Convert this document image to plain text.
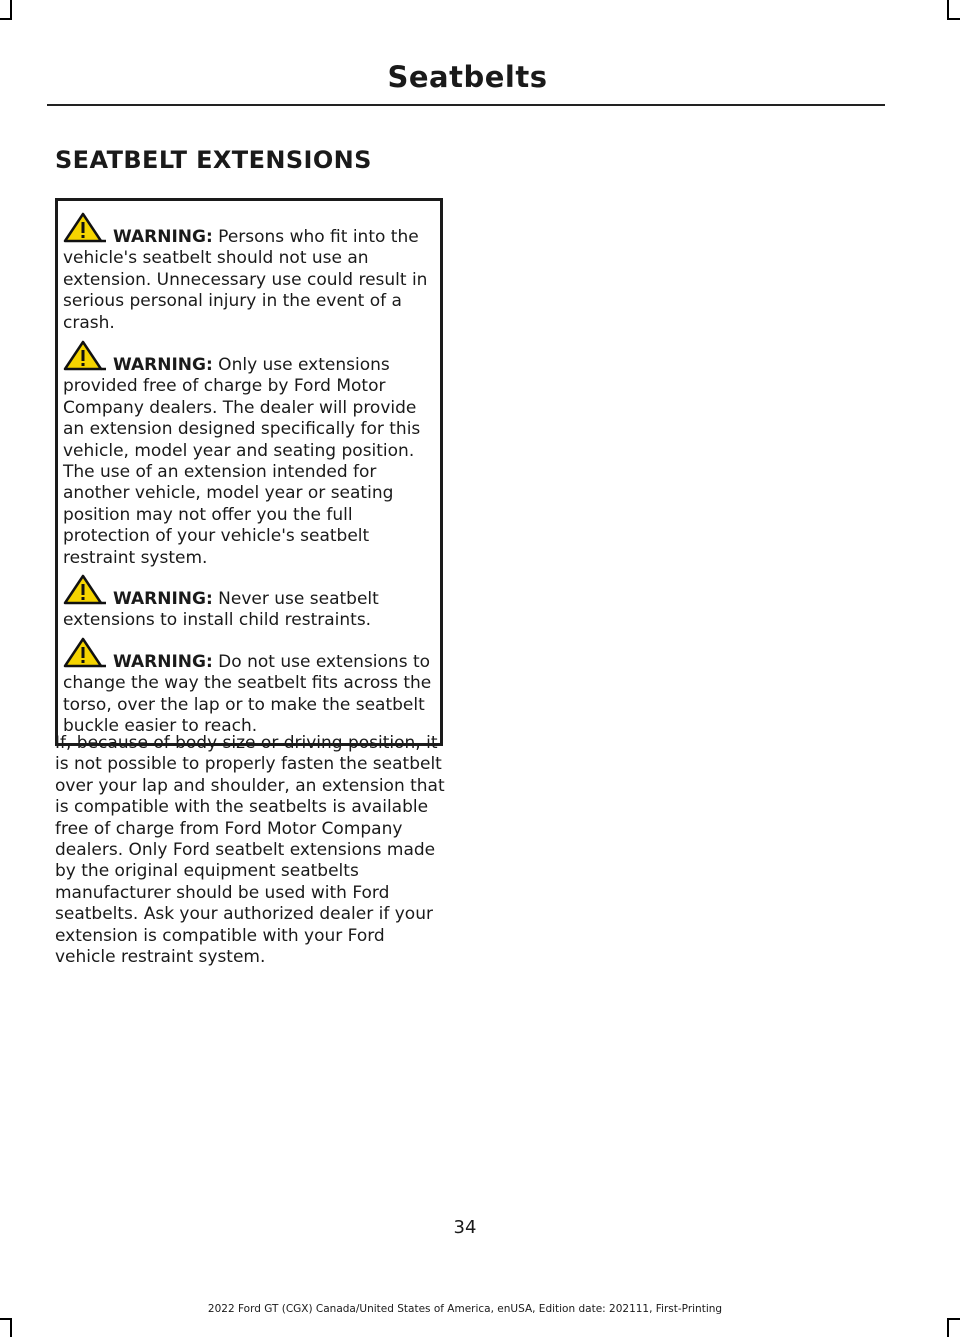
Seatbelts
SEATBELT EXTENSIONS

WARNING: Persons who fit into the vehicle's seatbelt should not use an extension. Unnecessary use could result in serious personal injury in the event of a crash.

WARNING: Only use extensions provided free of charge by Ford Motor Company dealers. The dealer will provide an extension designed specifically for this vehicle, model year and seating position. The use of an extension intended for another vehicle, model year or seating position may not offer you the full protection of your vehicle's seatbelt restraint system.

WARNING: Never use seatbelt extensions to install child restraints.

WARNING: Do not use extensions to change the way the seatbelt fits across the torso, over the lap or to make the seatbelt buckle easier to reach.

If, because of body size or driving position, it is not possible to properly fasten the seatbelt over your lap and shoulder, an extension that is compatible with the seatbelts is available free of charge from Ford Motor Company dealers. Only Ford seatbelt extensions made by the original equipment seatbelts manufacturer should be used with Ford seatbelts. Ask your authorized dealer if your extension is compatible with your Ford vehicle restraint system.

34
2022 Ford GT (CGX) Canada/United States of America, enUSA, Edition date: 202111, First-Printing
